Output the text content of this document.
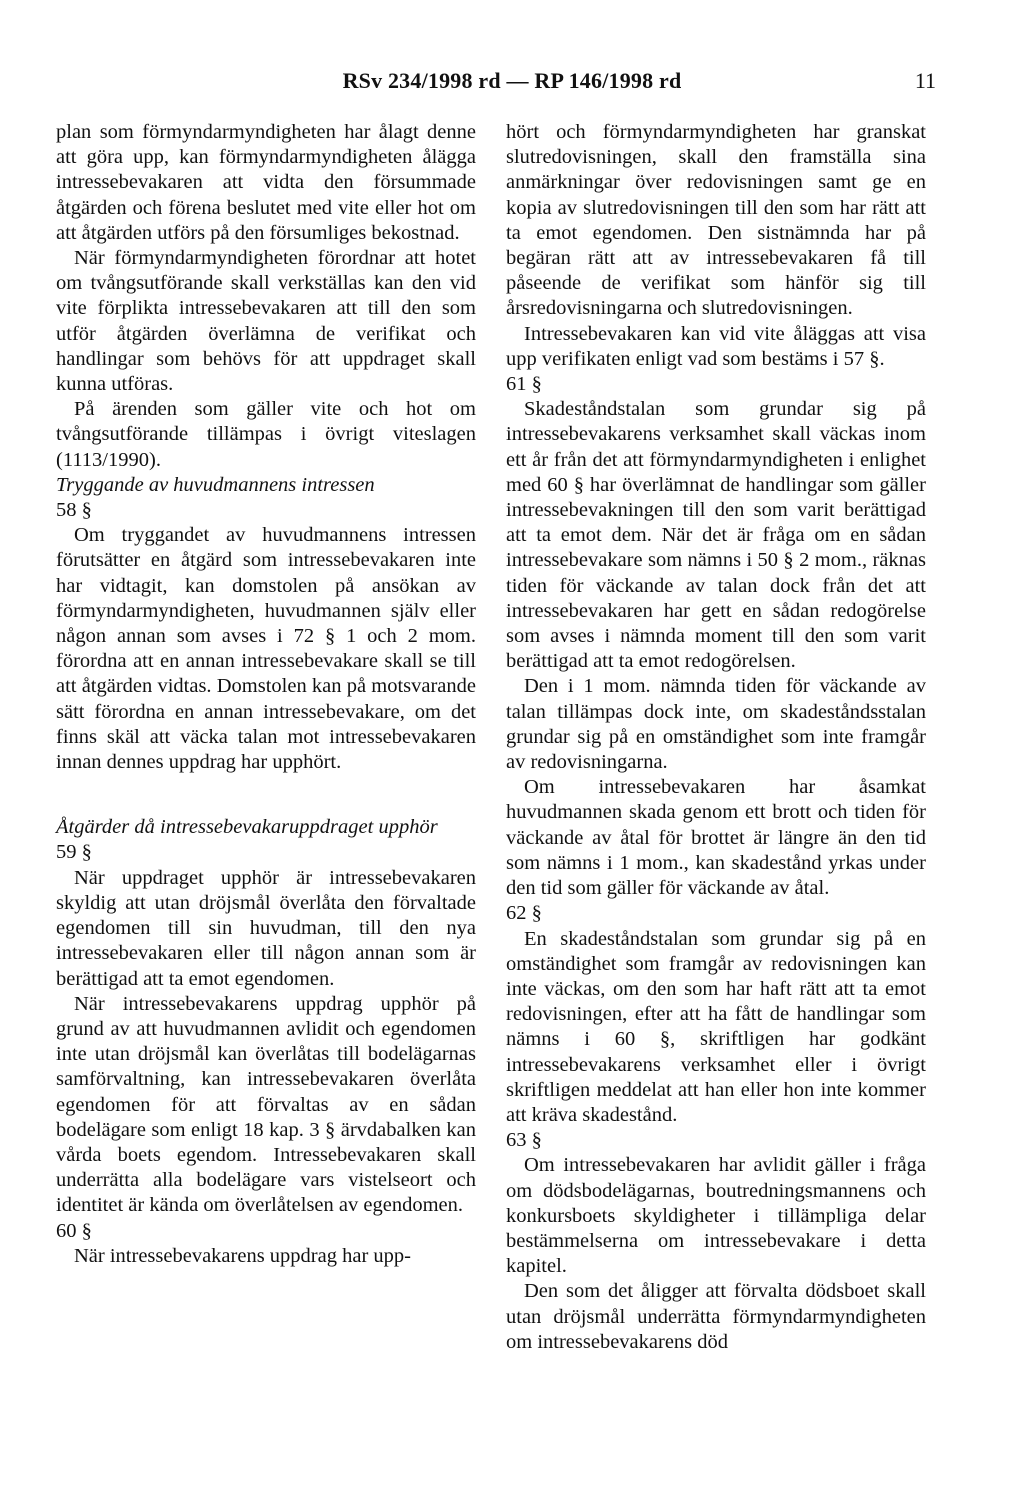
RSv 234/1998 rd — RP 146/1998 rd	11

plan som förmyndarmyndigheten har ålagt denne att göra upp, kan förmyndarmyndigheten ålägga intressebevakaren att vidta den försummade åtgärden och förena beslutet med vite eller hot om att åtgärden utförs på den försumliges bekostnad.

När förmyndarmyndigheten förordnar att hotet om tvångsutförande skall verkställas kan den vid vite förplikta intressebevakaren att till den som utför åtgärden överlämna de verifikat och handlingar som behövs för att uppdraget skall kunna utföras.

På ärenden som gäller vite och hot om tvångsutförande tillämpas i övrigt viteslagen (1113/1990).

Tryggande av huvudmannens intressen

58 §

Om tryggandet av huvudmannens intressen förutsätter en åtgärd som intressebevakaren inte har vidtagit, kan domstolen på ansökan av förmyndarmyndigheten, huvudmannen själv eller någon annan som avses i 72 § 1 och 2 mom. förordna att en annan intressebevakare skall se till att åtgärden vidtas. Domstolen kan på motsvarande sätt förordna en annan intressebevakare, om det finns skäl att väcka talan mot intressebevakaren innan dennes uppdrag har upphört.

Åtgärder då intressebevakaruppdraget upphör

59 §

När uppdraget upphör är intressebevakaren skyldig att utan dröjsmål överlåta den förvaltade egendomen till sin huvudman, till den nya intressebevakaren eller till någon annan som är berättigad att ta emot egendomen.

När intressebevakarens uppdrag upphör på grund av att huvudmannen avlidit och egendomen inte utan dröjsmål kan överlåtas till bodelägarnas samförvaltning, kan intressebevakaren överlåta egendomen för att förvaltas av en sådan bodelägare som enligt 18 kap. 3 § ärvdabalken kan vårda boets egendom. Intressebevakaren skall underrätta alla bodelägare vars vistelseort och identitet är kända om överlåtelsen av egendomen.

60 §

När intressebevakarens uppdrag har upp-

hört och förmyndarmyndigheten har granskat slutredovisningen, skall den framställa sina anmärkningar över redovisningen samt ge en kopia av slutredovisningen till den som har rätt att ta emot egendomen. Den sistnämnda har på begäran rätt att av intressebevakaren få till påseende de verifikat som hänför sig till årsredovisningarna och slutredovisningen.

Intressebevakaren kan vid vite åläggas att visa upp verifikaten enligt vad som bestäms i 57 §.

61 §

Skadeståndstalan som grundar sig på intressebevakarens verksamhet skall väckas inom ett år från det att förmyndarmyndigheten i enlighet med 60 § har överlämnat de handlingar som gäller intressebevakningen till den som varit berättigad att ta emot dem. När det är fråga om en sådan intressebevakare som nämns i 50 § 2 mom., räknas tiden för väckande av talan dock från det att intressebevakaren har gett en sådan redogörelse som avses i nämnda moment till den som varit berättigad att ta emot redogörelsen.

Den i 1 mom. nämnda tiden för väckande av talan tillämpas dock inte, om skadeståndsstalan grundar sig på en omständighet som inte framgår av redovisningarna.

Om intressebevakaren har åsamkat huvudmannen skada genom ett brott och tiden för väckande av åtal för brottet är längre än den tid som nämns i 1 mom., kan skadestånd yrkas under den tid som gäller för väckande av åtal.

62 §

En skadeståndstalan som grundar sig på en omständighet som framgår av redovisningen kan inte väckas, om den som har haft rätt att ta emot redovisningen, efter att ha fått de handlingar som nämns i 60 §, skriftligen har godkänt intressebevakarens verksamhet eller i övrigt skriftligen meddelat att han eller hon inte kommer att kräva skadestånd.

63 §

Om intressebevakaren har avlidit gäller i fråga om dödsbodelägarnas, boutredningsmannens och konkursboets skyldigheter i tillämpliga delar bestämmelserna om intressebevakare i detta kapitel.

Den som det åligger att förvalta dödsboet skall utan dröjsmål underrätta förmyndarmyndigheten om intressebevakarens död
